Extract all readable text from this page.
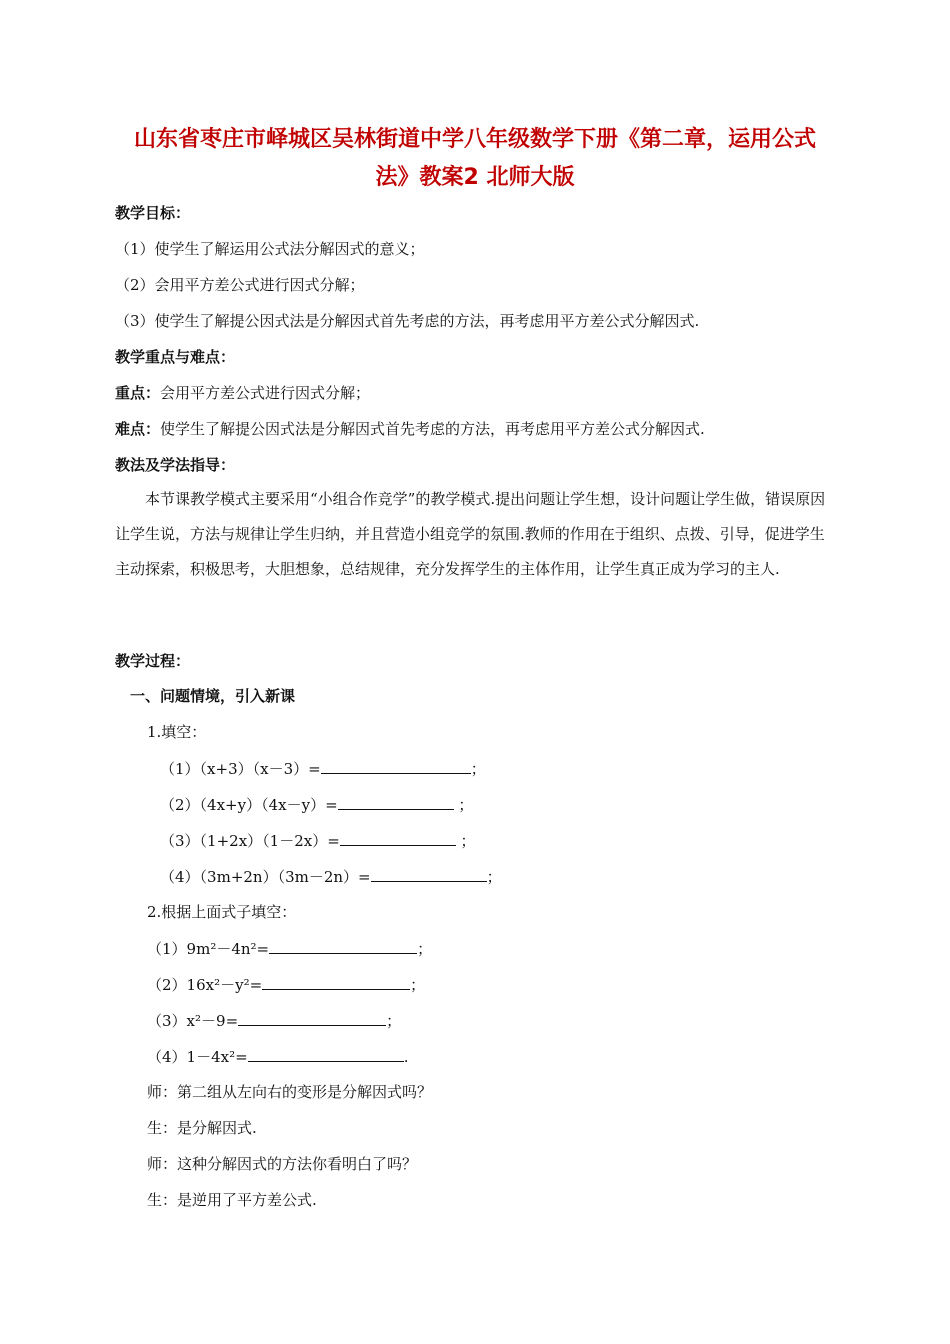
山东省枣庄市峄城区吴林街道中学八年级数学下册《第二章，运用公式
法》教案2 北师大版
教学目标：
（1）使学生了解运用公式法分解因式的意义；
（2）会用平方差公式进行因式分解；
（3）使学生了解提公因式法是分解因式首先考虑的方法，再考虑用平方差公式分解因式.
教学重点与难点：
重点：会用平方差公式进行因式分解；
难点：使学生了解提公因式法是分解因式首先考虑的方法，再考虑用平方差公式分解因式.
教法及学法指导：
本节课教学模式主要采用“小组合作竞学”的教学模式.提出问题让学生想，设计问题让学生做，错误原因让学生说，方法与规律让学生归纳，并且营造小组竞学的氛围.教师的作用在于组织、点拨、引导，促进学生主动探索，积极思考，大胆想象，总结规律，充分发挥学生的主体作用，让学生真正成为学习的主人.
教学过程：
一、问题情境，引入新课
1.填空：
（1）（x+3）（x－3）=	；
（2）（4x+y）（4x－y）=	；
（3）（1+2x）（1－2x）=	；
（4）（3m+2n）（3m－2n）=	；
2.根据上面式子填空：
（1）9m²－4n²=	；
（2）16x²－y²=	；
（3）x²－9=	；
（4）1－4x²=	.
师：第二组从左向右的变形是分解因式吗？
生：是分解因式.
师：这种分解因式的方法你看明白了吗？
生：是逆用了平方差公式.
